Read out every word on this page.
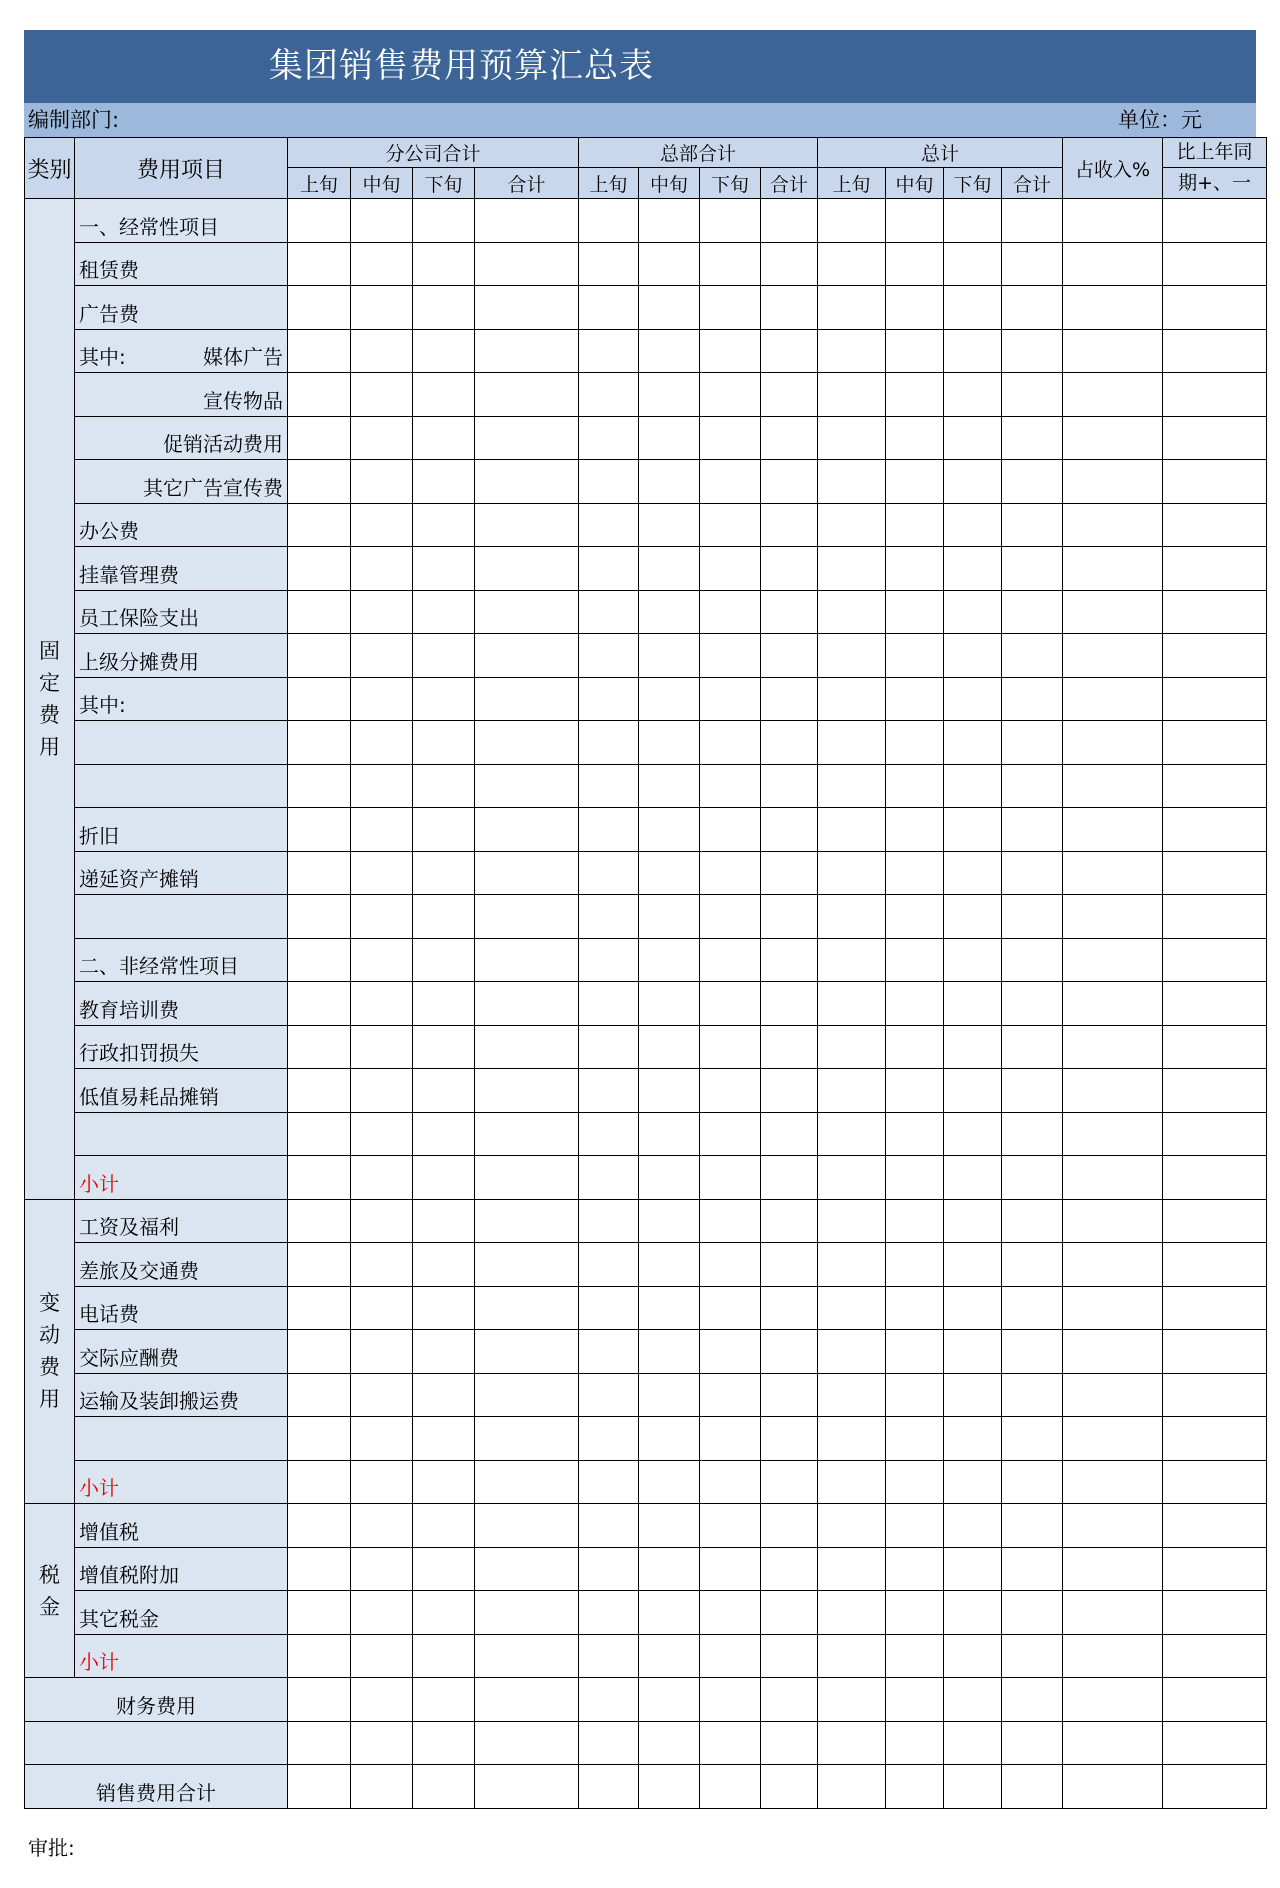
集团销售费用预算汇总表
编制部门:	单位：元
类别	费用项目	分公司合计				总部合计				总计				占收入%	比上年同
		上旬	中旬	下旬	合计	上旬	中旬	下旬	合计	上旬	中旬	下旬	合计		期+、一
固定费用	一、经常性项目														
	租赁费														
	广告费														

	其中: 媒体广告														
	宣传物品														
	促销活动费用														
	其它广告宣传费														
	办公费														
	挂靠管理费														
	员工保险支出														
	上级分摊费用														
	其中:														

	折旧														
	递延资产摊销														

	二、非经常性项目														
	教育培训费														
	行政扣罚损失														
	低值易耗品摊销														

	小计														
变动费用	工资及福利														
	差旅及交通费														
	电话费														
	交际应酬费														
	运输及装卸搬运费														

	小计														
税金	增值税														
	增值税附加														
	其它税金														
	小计														
财务费用															

销售费用合计															
审批:
